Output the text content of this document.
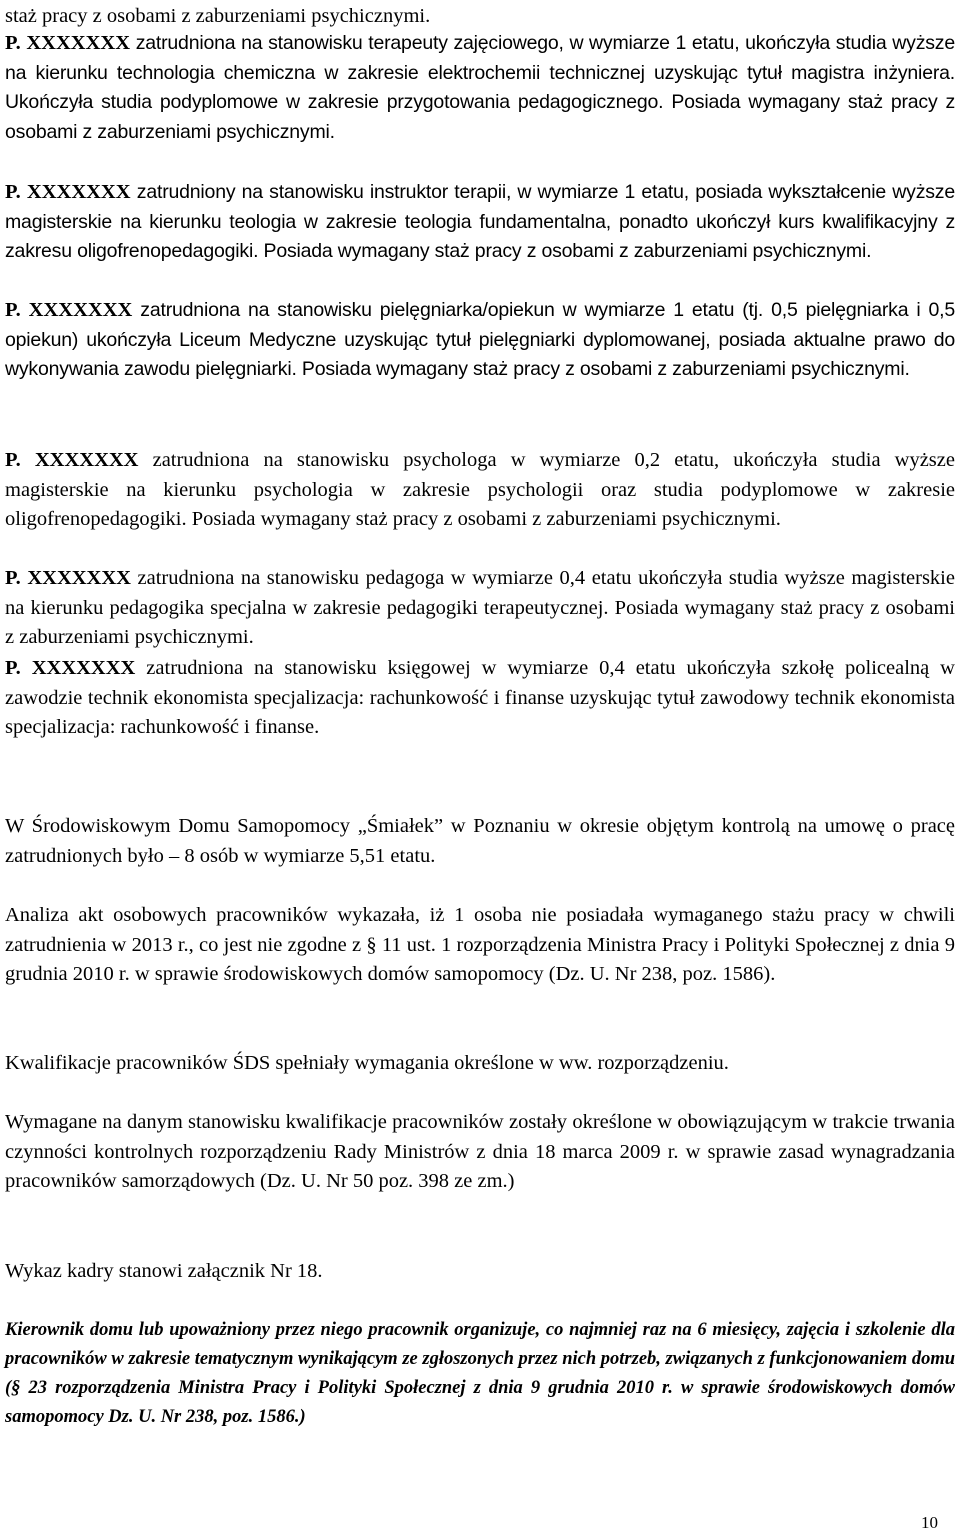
staż pracy z osobami z zaburzeniami psychicznymi.

P. XXXXXXX zatrudniona na stanowisku terapeuty zajęciowego, w wymiarze 1 etatu, ukończyła studia wyższe na kierunku technologia chemiczna w zakresie elektrochemii technicznej uzyskując tytuł magistra inżyniera. Ukończyła studia podyplomowe w zakresie przygotowania pedagogicznego. Posiada wymagany staż pracy z osobami z zaburzeniami psychicznymi.

P. XXXXXXX zatrudniony na stanowisku instruktor terapii, w wymiarze 1 etatu, posiada wykształcenie wyższe magisterskie na kierunku teologia w zakresie teologia fundamentalna, ponadto ukończył kurs kwalifikacyjny z zakresu oligofrenopedagogiki. Posiada wymagany staż pracy z osobami z zaburzeniami psychicznymi.

P. XXXXXXX zatrudniona na stanowisku pielęgniarka/opiekun w wymiarze 1 etatu (tj. 0,5 pielęgniarka i 0,5 opiekun) ukończyła Liceum Medyczne uzyskując tytuł pielęgniarki dyplomowanej, posiada aktualne prawo do wykonywania zawodu pielęgniarki. Posiada wymagany staż pracy z osobami z zaburzeniami psychicznymi.

P. XXXXXXX zatrudniona na stanowisku psychologa w wymiarze 0,2 etatu, ukończyła studia wyższe magisterskie na kierunku psychologia w zakresie psychologii oraz studia podyplomowe w zakresie oligofrenopedagogiki. Posiada wymagany staż pracy z osobami z zaburzeniami psychicznymi.

P. XXXXXXX zatrudniona na stanowisku pedagoga w wymiarze 0,4 etatu ukończyła studia wyższe magisterskie na kierunku pedagogika specjalna w zakresie pedagogiki terapeutycznej. Posiada wymagany staż pracy z osobami z zaburzeniami psychicznymi.

P. XXXXXXX zatrudniona na stanowisku księgowej w wymiarze 0,4 etatu ukończyła szkołę policealną w zawodzie technik ekonomista specjalizacja: rachunkowość i finanse uzyskując tytuł zawodowy technik ekonomista specjalizacja: rachunkowość i finanse.

W Środowiskowym Domu Samopomocy „Śmiałek” w Poznaniu w okresie objętym kontrolą na umowę o pracę zatrudnionych było – 8 osób w wymiarze 5,51 etatu.

Analiza akt osobowych pracowników wykazała, iż 1 osoba nie posiadała wymaganego stażu pracy w chwili zatrudnienia w 2013 r., co jest nie zgodne z § 11 ust. 1 rozporządzenia Ministra Pracy i Polityki Społecznej z dnia 9 grudnia 2010 r. w sprawie środowiskowych domów samopomocy (Dz. U. Nr 238, poz. 1586).

Kwalifikacje pracowników ŚDS spełniały wymagania określone w ww. rozporządzeniu.

Wymagane na danym stanowisku kwalifikacje pracowników zostały określone w obowiązującym w trakcie trwania czynności kontrolnych rozporządzeniu Rady Ministrów z dnia 18 marca 2009 r. w sprawie zasad wynagradzania pracowników samorządowych (Dz. U. Nr 50 poz. 398 ze zm.)

Wykaz kadry stanowi załącznik Nr 18.

Kierownik domu lub upoważniony przez niego pracownik organizuje, co najmniej raz na 6 miesięcy, zajęcia i szkolenie dla pracowników w zakresie tematycznym wynikającym ze zgłoszonych przez nich potrzeb, związanych z funkcjonowaniem domu (§ 23 rozporządzenia Ministra Pracy i Polityki Społecznej z dnia 9 grudnia 2010 r. w sprawie środowiskowych domów samopomocy Dz. U. Nr 238, poz. 1586.)

10
